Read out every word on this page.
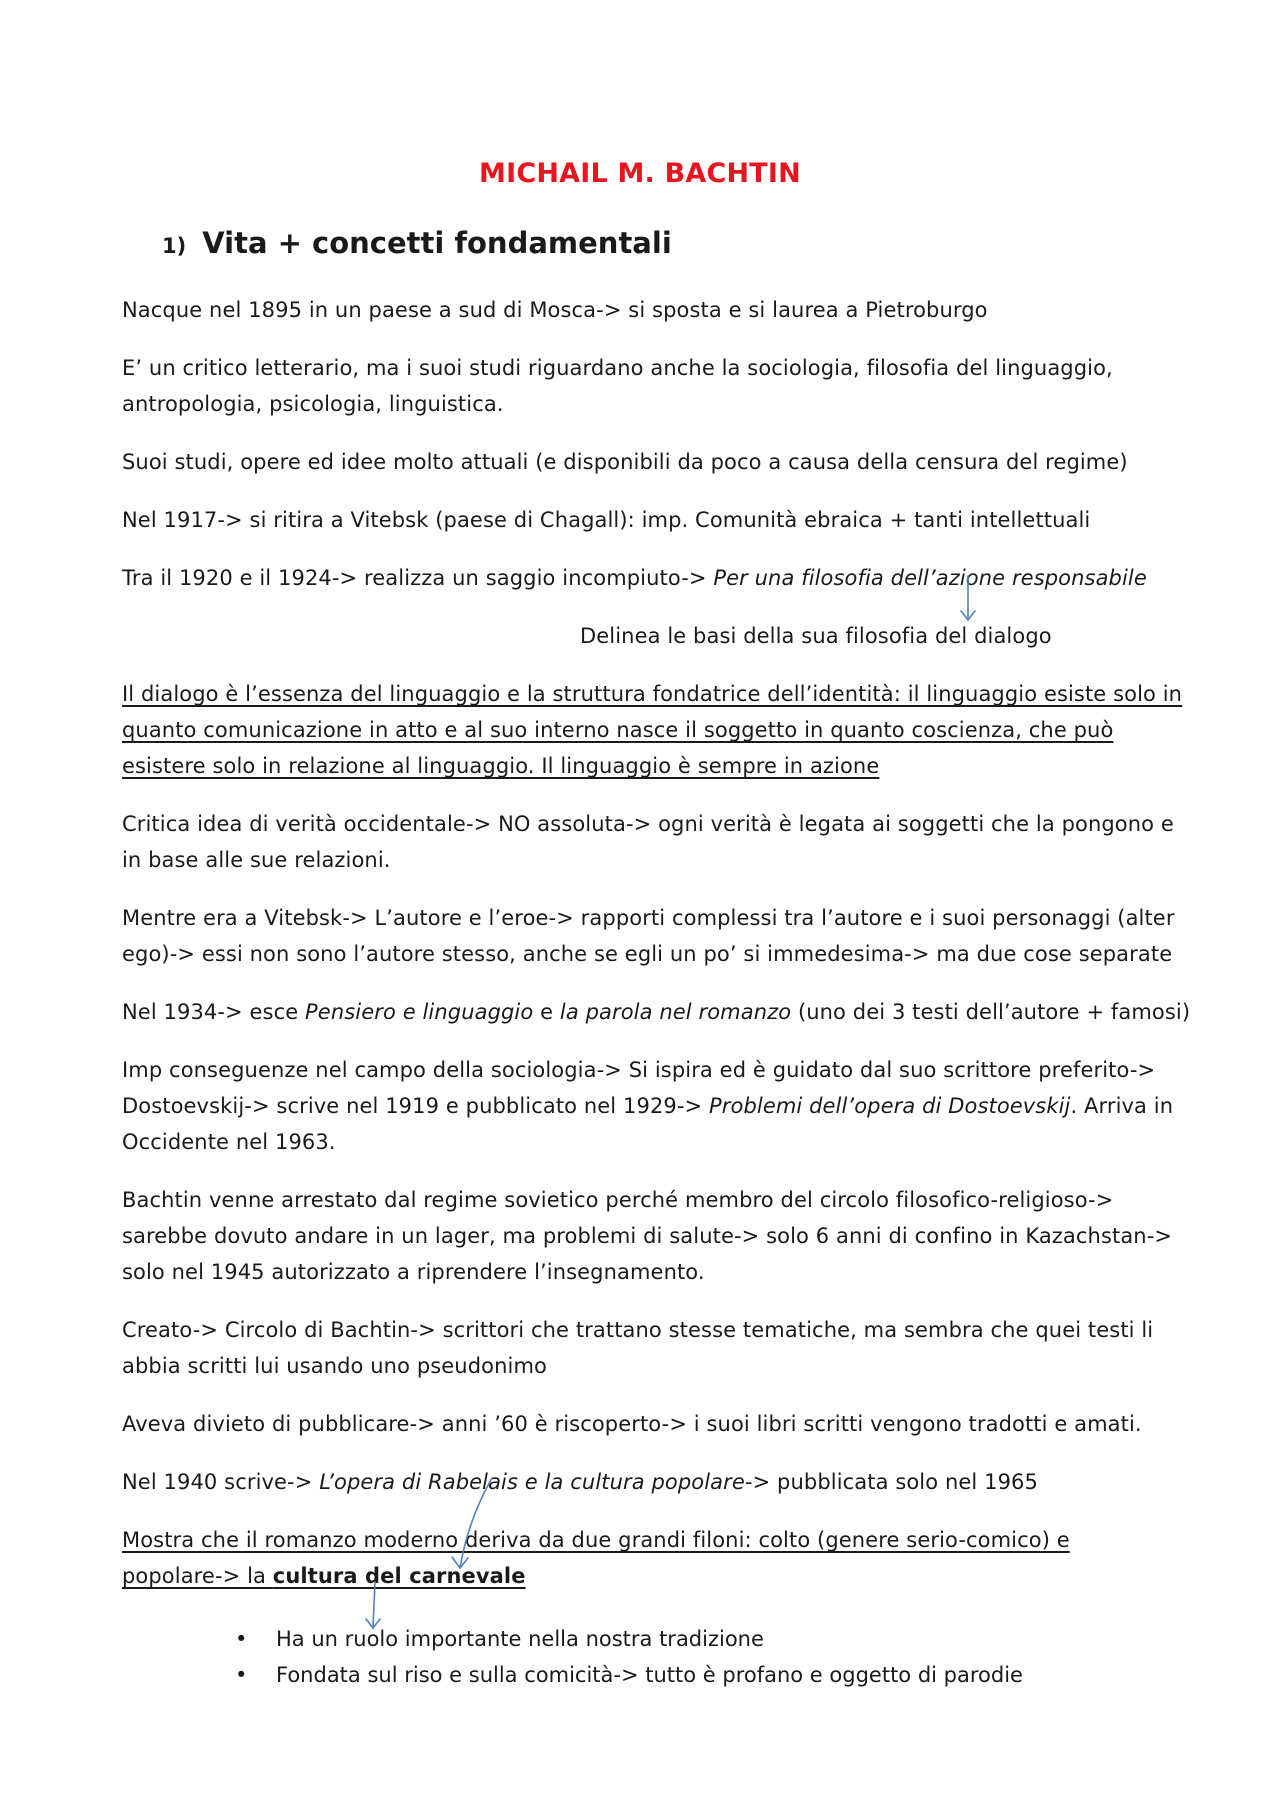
MICHAIL M. BACHTIN
1) Vita + concetti fondamentali
Nacque nel 1895 in un paese a sud di Mosca-> si sposta e si laurea a Pietroburgo
E’ un critico letterario, ma i suoi studi riguardano anche la sociologia, filosofia del linguaggio,
antropologia, psicologia, linguistica.
Suoi studi, opere ed idee molto attuali (e disponibili da poco a causa della censura del regime)
Nel 1917-> si ritira a Vitebsk (paese di Chagall): imp. Comunità ebraica + tanti intellettuali
Tra il 1920 e il 1924-> realizza un saggio incompiuto-> Per una filosofia dell’azione responsabile
Delinea le basi della sua filosofia del dialogo
Il dialogo è l’essenza del linguaggio e la struttura fondatrice dell’identità: il linguaggio esiste solo in
quanto comunicazione in atto e al suo interno nasce il soggetto in quanto coscienza, che può
esistere solo in relazione al linguaggio. Il linguaggio è sempre in azione
Critica idea di verità occidentale-> NO assoluta-> ogni verità è legata ai soggetti che la pongono e
in base alle sue relazioni.
Mentre era a Vitebsk-> L’autore e l’eroe-> rapporti complessi tra l’autore e i suoi personaggi (alter
ego)-> essi non sono l’autore stesso, anche se egli un po’ si immedesima-> ma due cose separate
Nel 1934-> esce Pensiero e linguaggio e la parola nel romanzo (uno dei 3 testi dell’autore + famosi)
Imp conseguenze nel campo della sociologia-> Si ispira ed è guidato dal suo scrittore preferito->
Dostoevskij-> scrive nel 1919 e pubblicato nel 1929-> Problemi dell’opera di Dostoevskij. Arriva in
Occidente nel 1963.
Bachtin venne arrestato dal regime sovietico perché membro del circolo filosofico-religioso->
sarebbe dovuto andare in un lager, ma problemi di salute-> solo 6 anni di confino in Kazachstan->
solo nel 1945 autorizzato a riprendere l’insegnamento.
Creato-> Circolo di Bachtin-> scrittori che trattano stesse tematiche, ma sembra che quei testi li
abbia scritti lui usando uno pseudonimo
Aveva divieto di pubblicare-> anni ’60 è riscoperto-> i suoi libri scritti vengono tradotti e amati.
Nel 1940 scrive-> L’opera di Rabelais e la cultura popolare-> pubblicata solo nel 1965
Mostra che il romanzo moderno deriva da due grandi filoni: colto (genere serio-comico) e
popolare-> la cultura del carnevale
• Ha un ruolo importante nella nostra tradizione
• Fondata sul riso e sulla comicità-> tutto è profano e oggetto di parodie
